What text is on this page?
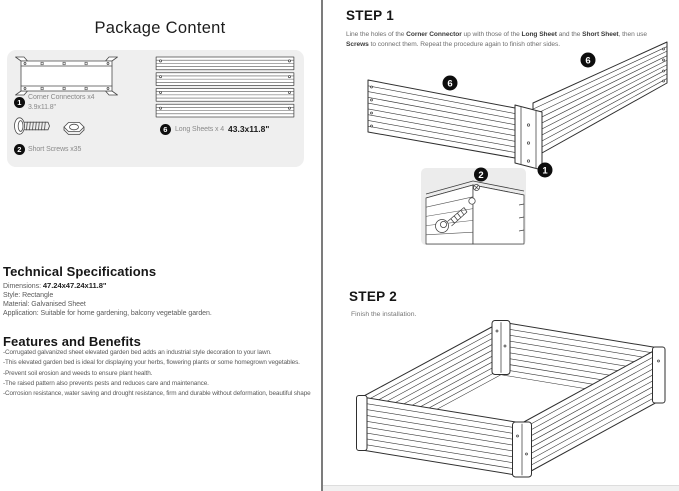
Package Content
1
Corner Connectors x4
3.9x11.8"
2 Short Screws x35
6	Long Sheets x 4 43.3x11.8"
Technical Specifications
Dimensions: 47.24x47.24x11.8"
Style: Rectangle
Material: Galvanised Sheet
Application: Suitable for home gardening, balcony vegetable garden.
Features and Benefits
-Corrugated galvanized sheet elevated garden bed adds an industrial style decoration to your lawn.
-This elevated garden bed is ideal for displaying your herbs, flowering plants or some homegrown vegetables.
-Prevent soil erosion and weeds to ensure plant health.
-The raised pattern also prevents pests and reduces care and maintenance.
-Corrosion resistance, water saving and drought resistance, firm and durable without deformation, beautiful shape
STEP 1

Line the holes of the Corner Connector up with those of the Long Sheet and the Short Sheet, then use Screws to connect them. Repeat the procedure again to finish other sides.

6
6
1
2
STEP 2
Finish the installation.
